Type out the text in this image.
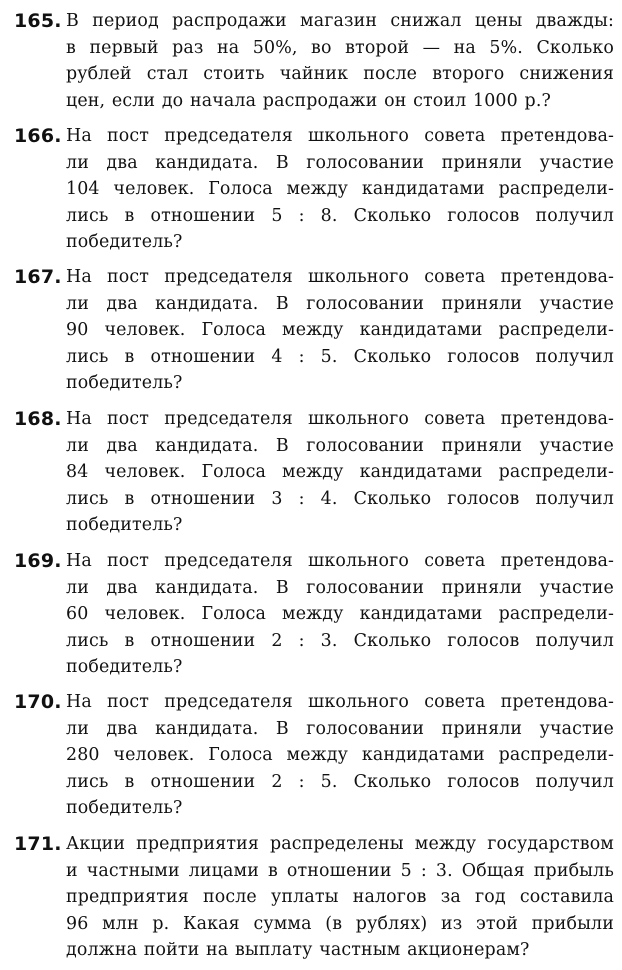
165. В период распродажи магазин снижал цены дважды:
в первый раз на 50%, во второй — на 5%. Сколько
рублей стал стоить чайник после второго снижения
цен, если до начала распродажи он стоил 1000 р.?
166. На пост председателя школьного совета претендова-
ли два кандидата. В голосовании приняли участие
104 человек. Голоса между кандидатами распредели-
лись в отношении 5 : 8. Сколько голосов получил
победитель?
167. На пост председателя школьного совета претендова-
ли два кандидата. В голосовании приняли участие
90 человек. Голоса между кандидатами распредели-
лись в отношении 4 : 5. Сколько голосов получил
победитель?
168. На пост председателя школьного совета претендова-
ли два кандидата. В голосовании приняли участие
84 человек. Голоса между кандидатами распредели-
лись в отношении 3 : 4. Сколько голосов получил
победитель?
169. На пост председателя школьного совета претендова-
ли два кандидата. В голосовании приняли участие
60 человек. Голоса между кандидатами распредели-
лись в отношении 2 : 3. Сколько голосов получил
победитель?
170. На пост председателя школьного совета претендова-
ли два кандидата. В голосовании приняли участие
280 человек. Голоса между кандидатами распредели-
лись в отношении 2 : 5. Сколько голосов получил
победитель?
171. Акции предприятия распределены между государством
и частными лицами в отношении 5 : 3. Общая прибыль
предприятия после уплаты налогов за год составила
96 млн р. Какая сумма (в рублях) из этой прибыли
должна пойти на выплату частным акционерам?
